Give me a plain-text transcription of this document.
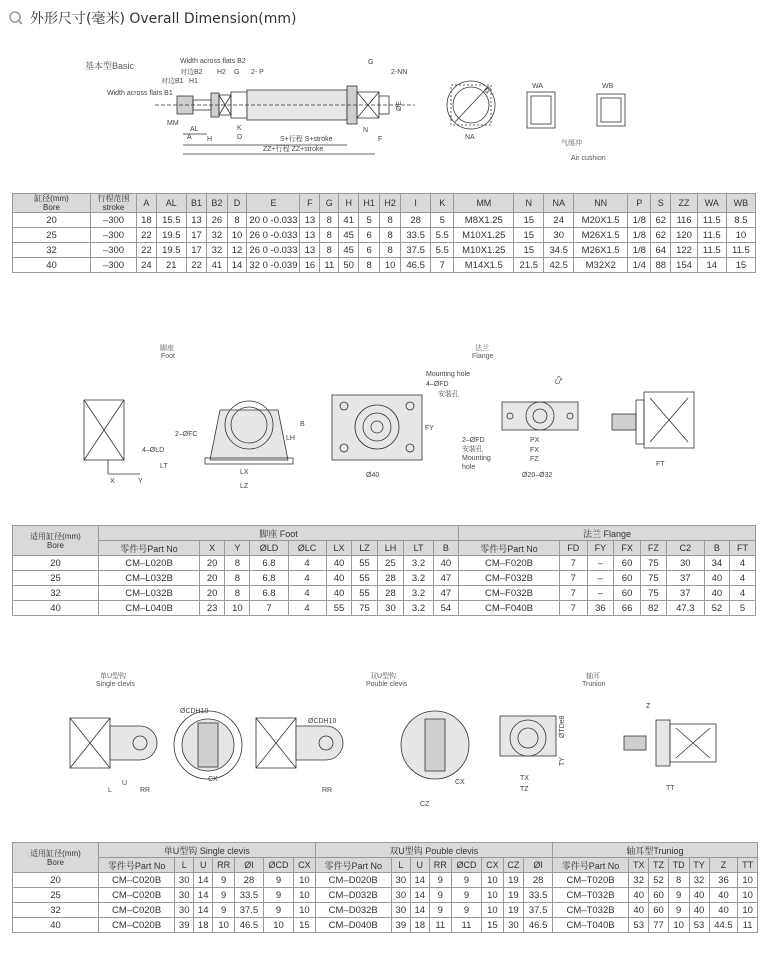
外形尺寸(毫米) Overall Dimension(mm)
基本型Basic	Width across flats B2
对边B2
H1
对边B1
Width across flats B1
H2 G 2- P
MM
AL
A H
K
D	S+行程 S+stroke
ZZ+行程 ZZ+stroke
G
2-NN
N
F
ØE
NA
ØI	WA	WB
气缓冲
Air cushion
缸径(mm)
Bore	行程范围
stroke	A	AL	B1	B2	D	E	F	G	H	H1	H2	I	K	MM	N	NA	NN	P	S	ZZ	WA	WB
20	–300	18	15.5	13	26	8	20 0 -0.033	13	8	41	5	8	28	5	M8X1.25	15	24	M20X1.5	1/8	62	116	11.5	8.5
25	–300	22	19.5	17	32	10	26 0 -0.033	13	8	45	6	8	33.5	5.5	M10X1.25	15	30	M26X1.5	1/8	62	120	11.5	10
32	–300	22	19.5	17	32	12	26 0 -0.033	13	8	45	6	8	37.5	5.5	M10X1.25	15	34.5	M26X1.5	1/8	64	122	11.5	11.5
40	–300	24	21	22	41	14	32 0 -0.039	16	11	50	8	10	46.5	7	M14X1.5	21.5	42.5	M32X2	1/4	88	154	14	15
脚座
Foot
法兰
Flange
4–ØLD
LT
X	Y
2–ØFC
LH
B
LX
LZ
Ø40
Mounting hole
4–ØFD
安装孔
FY
C2
2–ØFD
安装孔
Mounting
hole
PX
FX
FZ
Ø20–Ø32
FT
适用缸径(mm)
Bore	脚座 Foot										法兰 Flange							
	零件号Part No	X	Y	ØLD	ØLC	LX	LZ	LH	LT	B	零件号Part No	FD	FY	FX	FZ	C2	B	FT
20	CM–L020B	20	8	6.8	4	40	55	25	3.2	40	CM–F020B	7	–	60	75	30	34	4
25	CM–L032B	20	8	6.8	4	40	55	28	3.2	47	CM–F032B	7	–	60	75	37	40	4
32	CM–L032B	20	8	6.8	4	40	55	28	3.2	47	CM–F032B	7	–	60	75	37	40	4
40	CM–L040B	23	10	7	4	55	75	30	3.2	54	CM–F040B	7	36	66	82	47.3	52	5
单U型钩
Single clevis
双U型钩
Pouble clevis
轴耳
Trunion
U
L	RR
ØCDH10
CX
ØCDH10
RR
CX
CZ
ØTDe8
TY
TX
TZ
Z
TT
适用缸径(mm)
Bore	单U型钩 Single clevis							双U型钩 Pouble clevis								轴耳型Truniog						
	零件号Part No	L	U	RR	ØI	ØCD	CX	零件号Part No	L	U	RR	ØCD	CX	CZ	ØI	零件号Part No	TX	TZ	TD	TY	Z	TT
20	CM–C020B	30	14	9	28	9	10	CM–D020B	30	14	9	9	10	19	28	CM–T020B	32	52	8	32	36	10
25	CM–C020B	30	14	9	33.5	9	10	CM–D032B	30	14	9	9	10	19	33.5	CM–T032B	40	60	9	40	40	10
32	CM–C020B	30	14	9	37.5	9	10	CM–D032B	30	14	9	9	10	19	37.5	CM–T032B	40	60	9	40	40	10
40	CM–C020B	39	18	10	46.5	10	15	CM–D040B	39	18	11	11	15	30	46.5	CM–T040B	53	77	10	53	44.5	11
